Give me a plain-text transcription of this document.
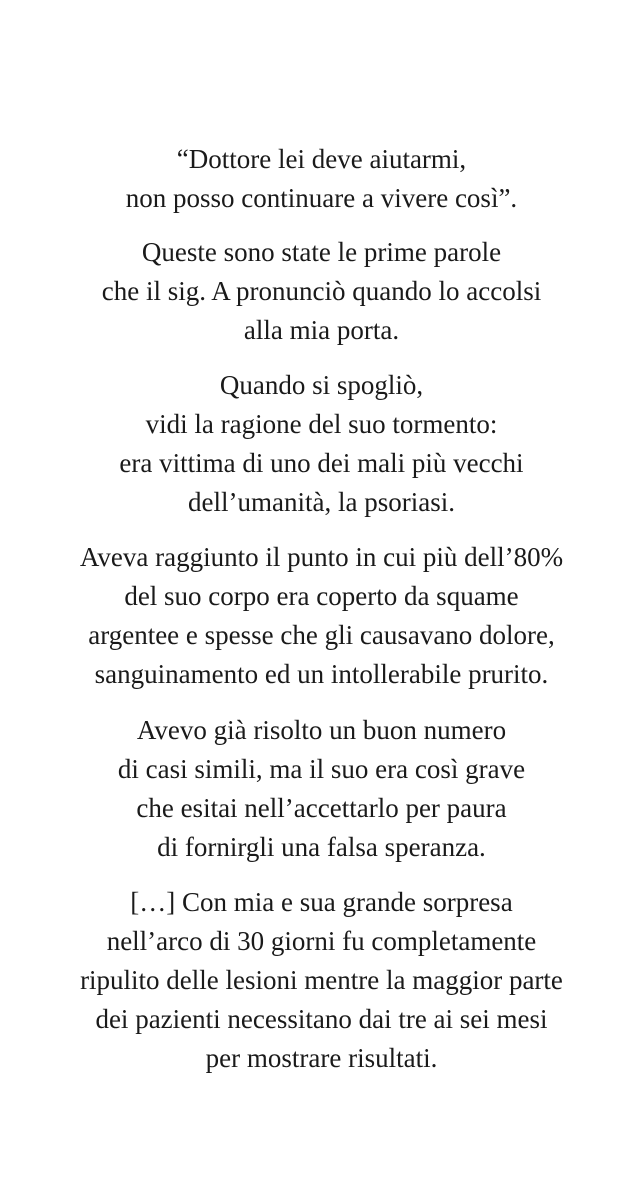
“Dottore lei deve aiutarmi,
non posso continuare a vivere così”.
Queste sono state le prime parole
che il sig. A pronunciò quando lo accolsi
alla mia porta.
Quando si spogliò,
vidi la ragione del suo tormento:
era vittima di uno dei mali più vecchi
dell’umanità, la psoriasi.
Aveva raggiunto il punto in cui più dell’80%
del suo corpo era coperto da squame
argentee e spesse che gli causavano dolore,
sanguinamento ed un intollerabile prurito.
Avevo già risolto un buon numero
di casi simili, ma il suo era così grave
che esitai nell’accettarlo per paura
di fornirgli una falsa speranza.
[…] Con mia e sua grande sorpresa
nell’arco di 30 giorni fu completamente
ripulito delle lesioni mentre la maggior parte
dei pazienti necessitano dai tre ai sei mesi
per mostrare risultati.
